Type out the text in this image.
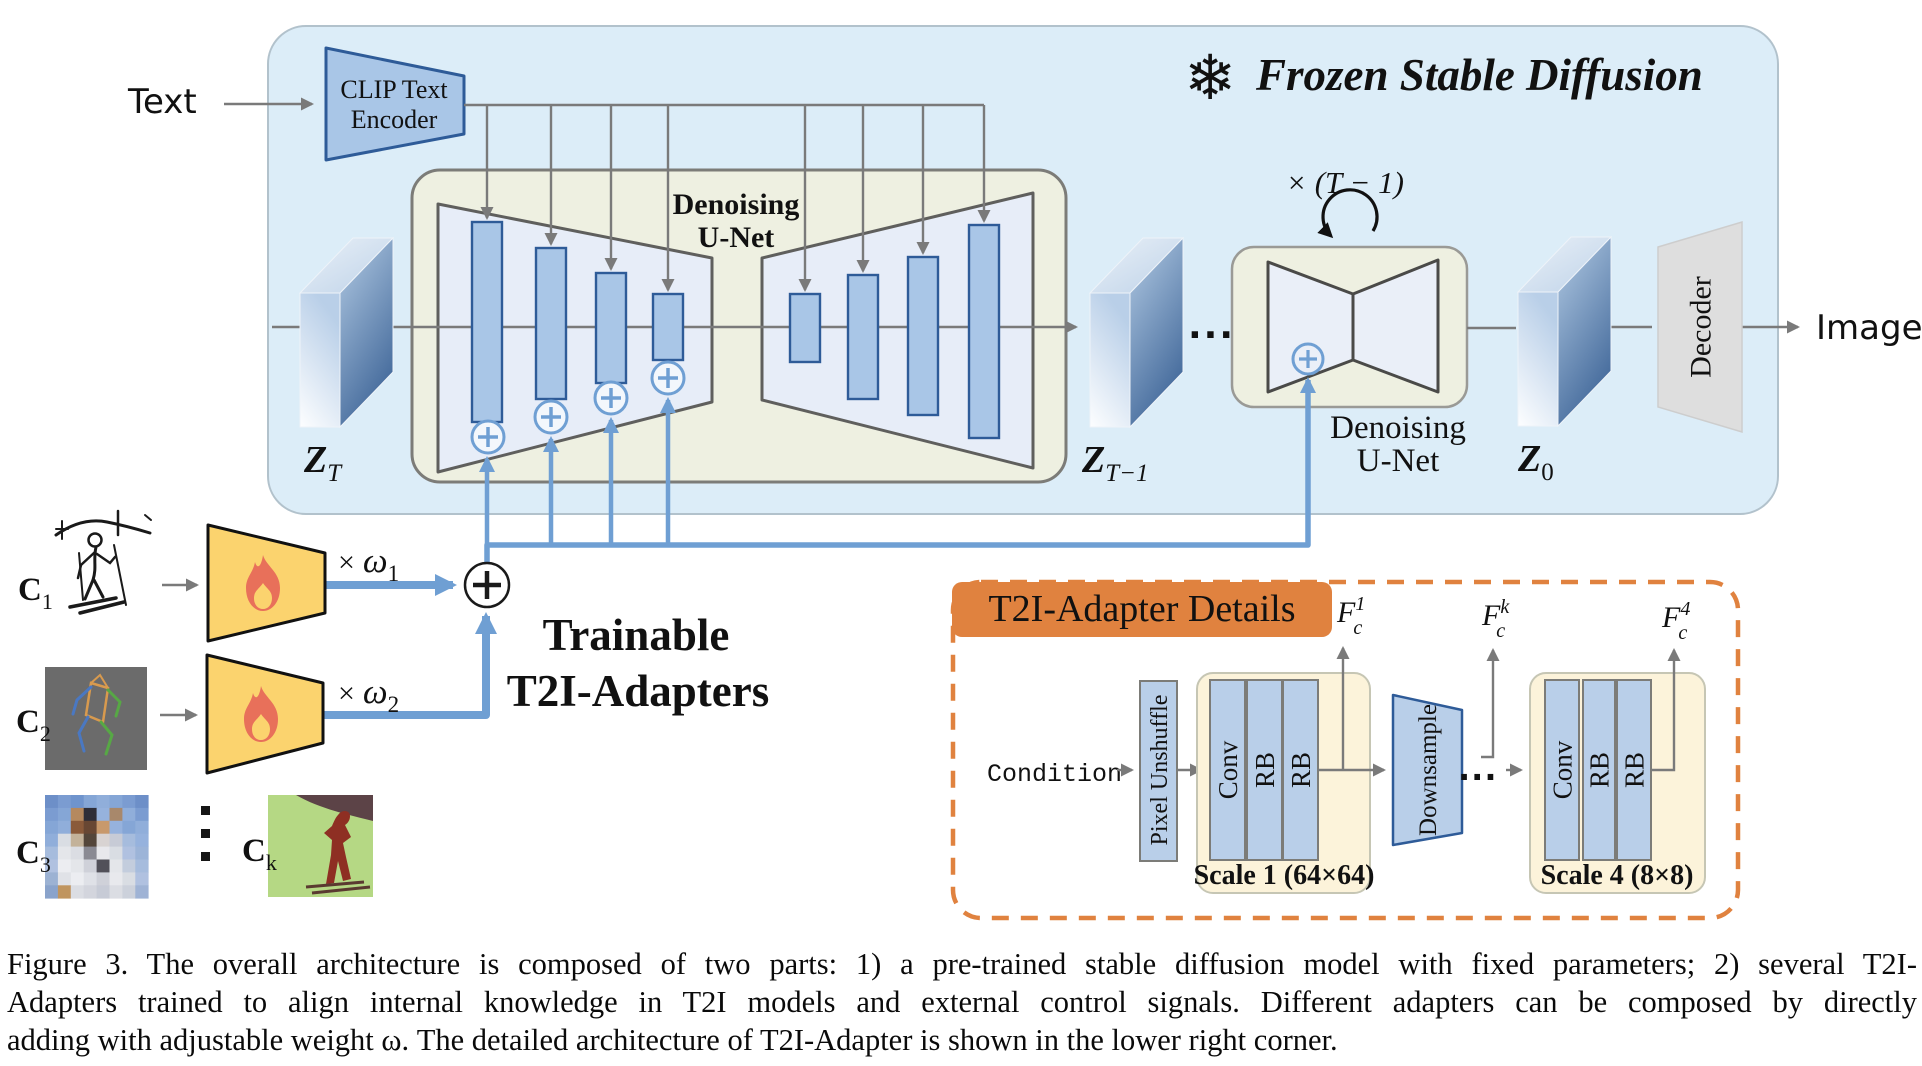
❄ Frozen Stable Diffusion
Denoising
U-Net
× (T − 1)
Denoising
U-Net
CLIP Text
Encoder
Text
...
ZT	ZT−1	Z0
Decoder	Image
Trainable
T2I-Adapters
C1
C2
C3	Ck
× ω1
× ω2
T2I-Adapter Details
Condition Pixel Unshuffle Conv RB RB
Scale 1 (64×64)
Downsample ... Conv RB RB
Scale 4 (8×8)
F1 c	Fk c	F4 c
Figure 3. The overall architecture is composed of two parts: 1) a pre-trained stable diffusion model with fixed parameters; 2) several T2I-
Adapters trained to align internal knowledge in T2I models and external control signals. Different adapters can be composed by directly
adding with adjustable weight ω. The detailed architecture of T2I-Adapter is shown in the lower right corner.
